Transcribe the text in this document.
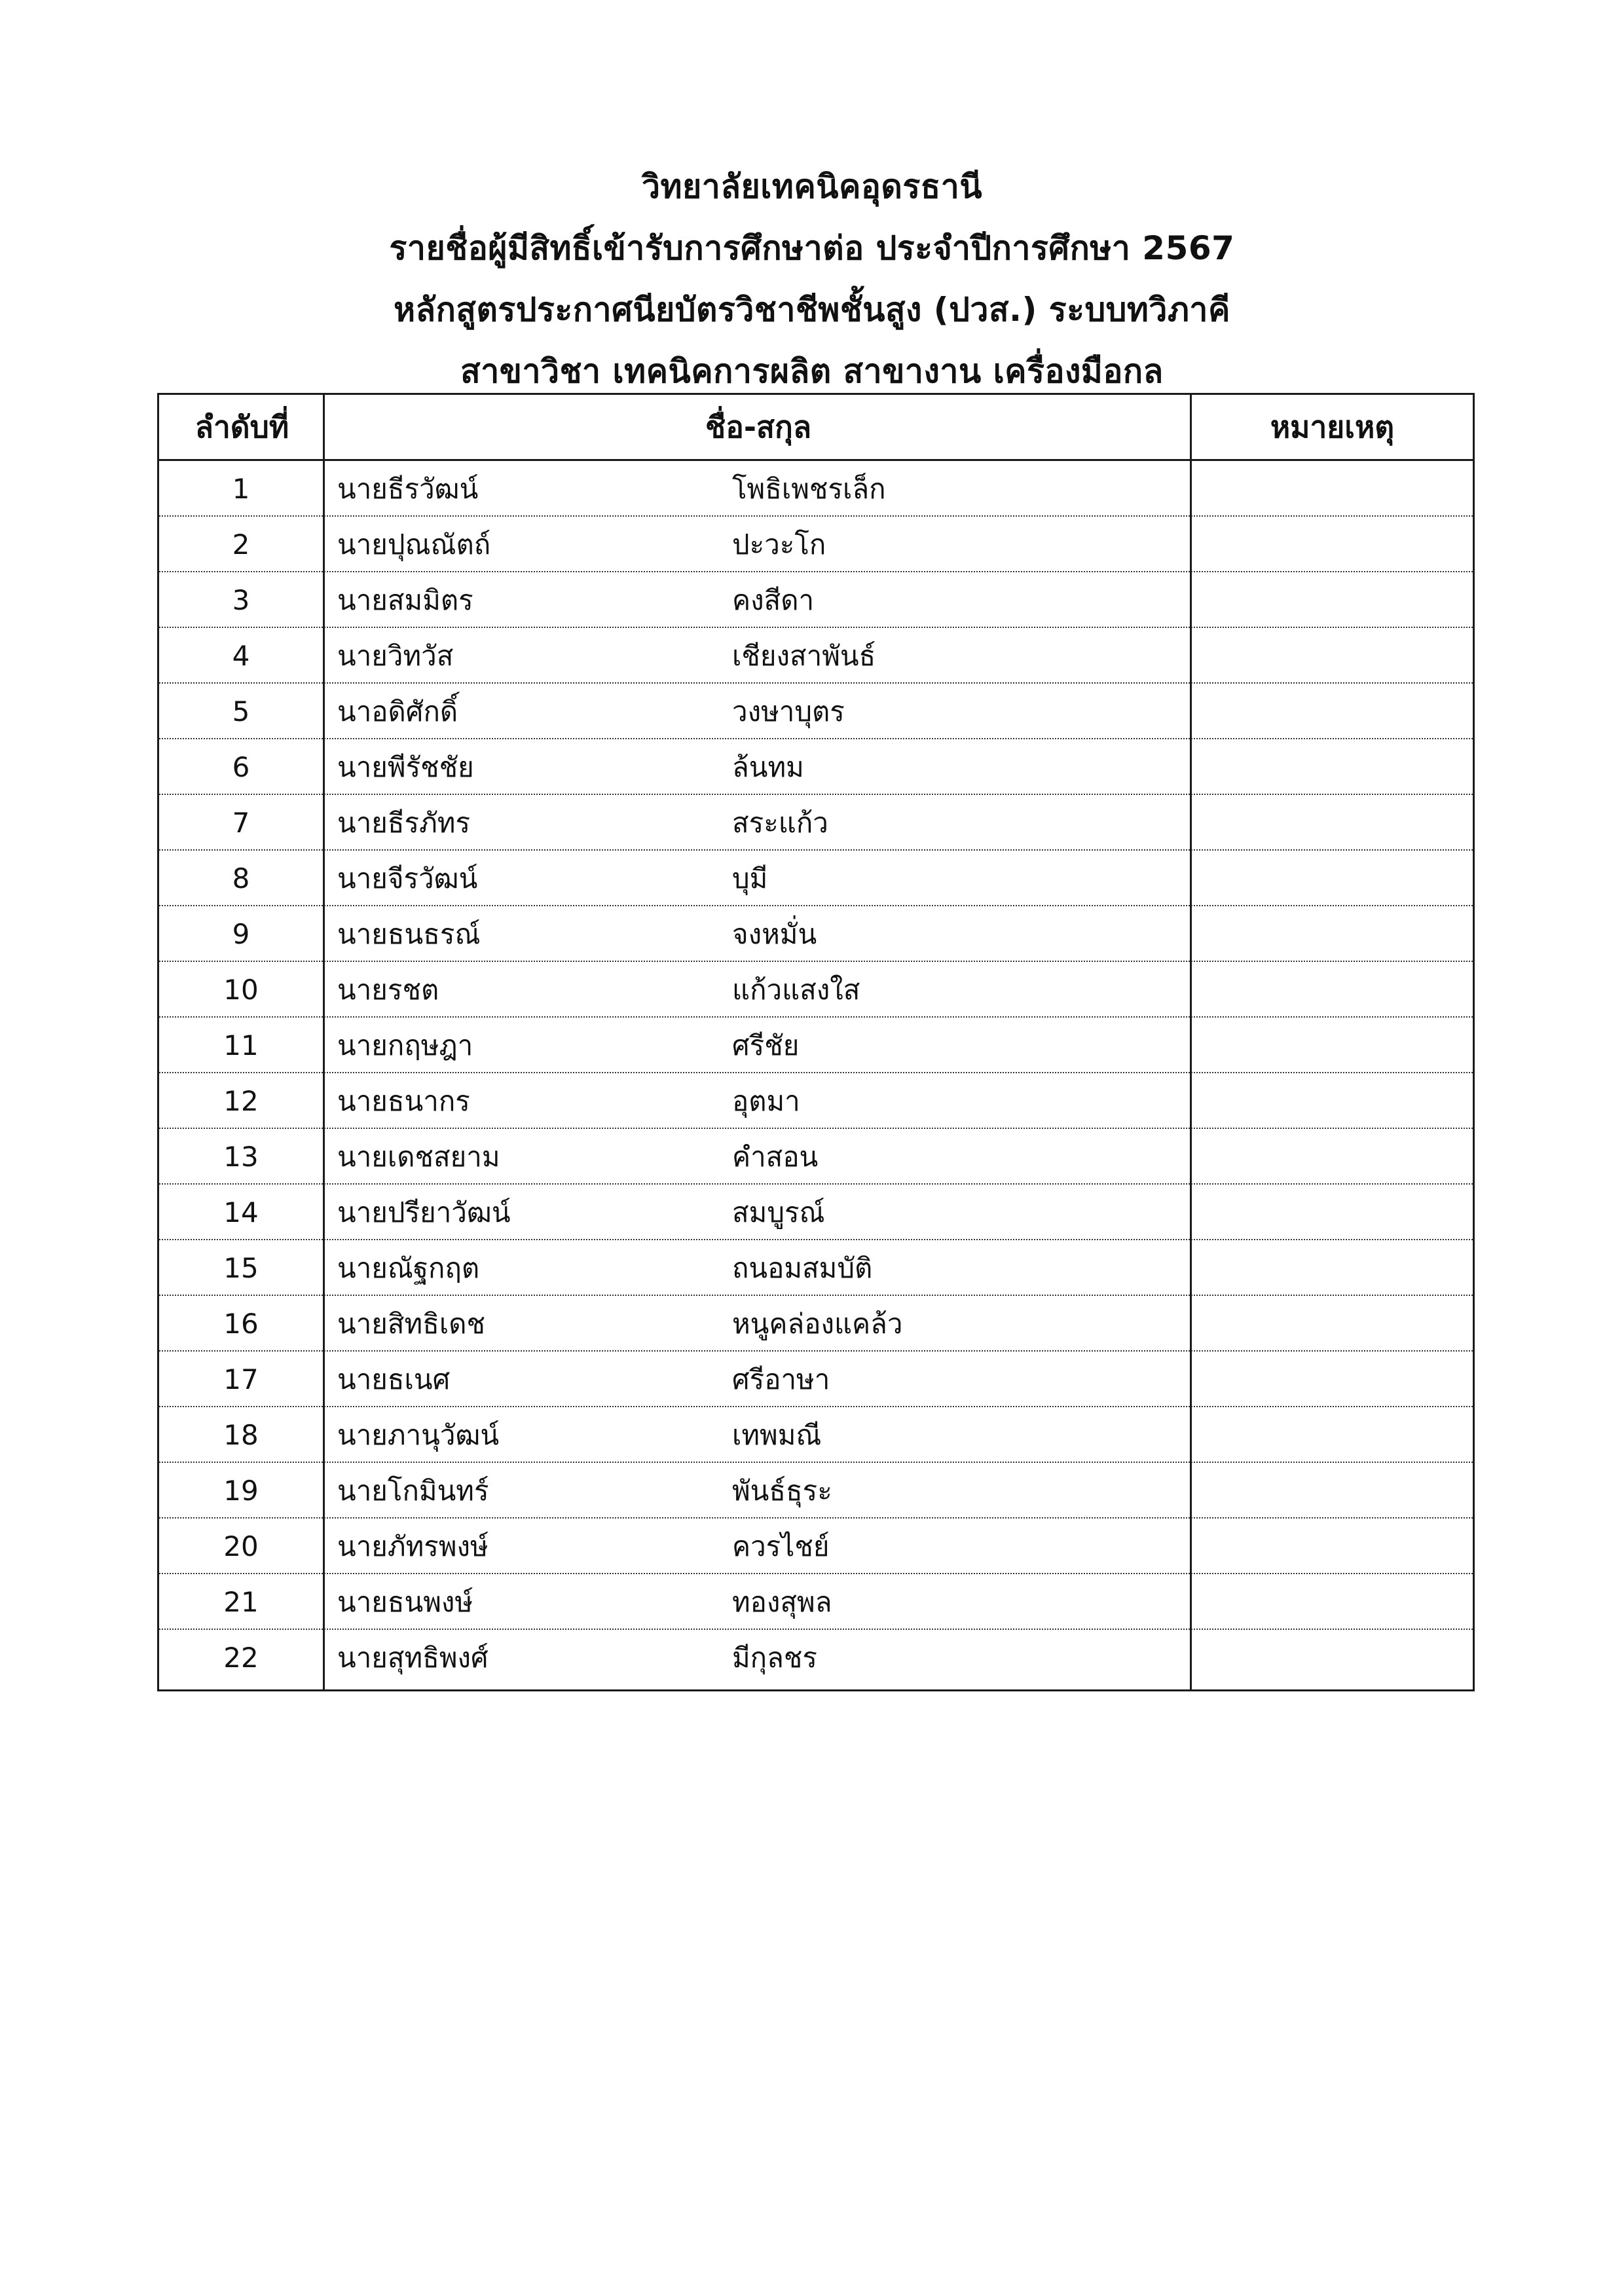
วิทยาลัยเทคนิคอุดรธานี
รายชื่อผู้มีสิทธิ์เข้ารับการศึกษาต่อ ประจำปีการศึกษา 2567
หลักสูตรประกาศนียบัตรวิชาชีพชั้นสูง (ปวส.) ระบบทวิภาคี
สาขาวิชา เทคนิคการผลิต สาขางาน เครื่องมือกล
ลำดับที่	ชื่อ-สกุล	หมายเหตุ
1	นายธีรวัฒน์	โพธิเพชรเล็ก
2	นายปุณณัตถ์	ปะวะโก
3	นายสมมิตร	คงสีดา
4	นายวิทวัส	เชียงสาพันธ์
5	นาอดิศักดิ์	วงษาบุตร
6	นายพีรัชชัย	ล้นทม
7	นายธีรภัทร	สระแก้ว
8	นายจีรวัฒน์	บุมี
9	นายธนธรณ์	จงหมั่น
10	นายรชต	แก้วแสงใส
11	นายกฤษฎา	ศรีชัย
12	นายธนากร	อุตมา
13	นายเดชสยาม	คำสอน
14	นายปรียาวัฒน์	สมบูรณ์
15	นายณัฐกฤต	ถนอมสมบัติ
16	นายสิทธิเดช	หนูคล่องแคล้ว
17	นายธเนศ	ศรีอาษา
18	นายภานุวัฒน์	เทพมณี
19	นายโกมินทร์	พันธ์ธุระ
20	นายภัทรพงษ์	ควรไชย์
21	นายธนพงษ์	ทองสุพล
22	นายสุทธิพงศ์	มีกุลชร
